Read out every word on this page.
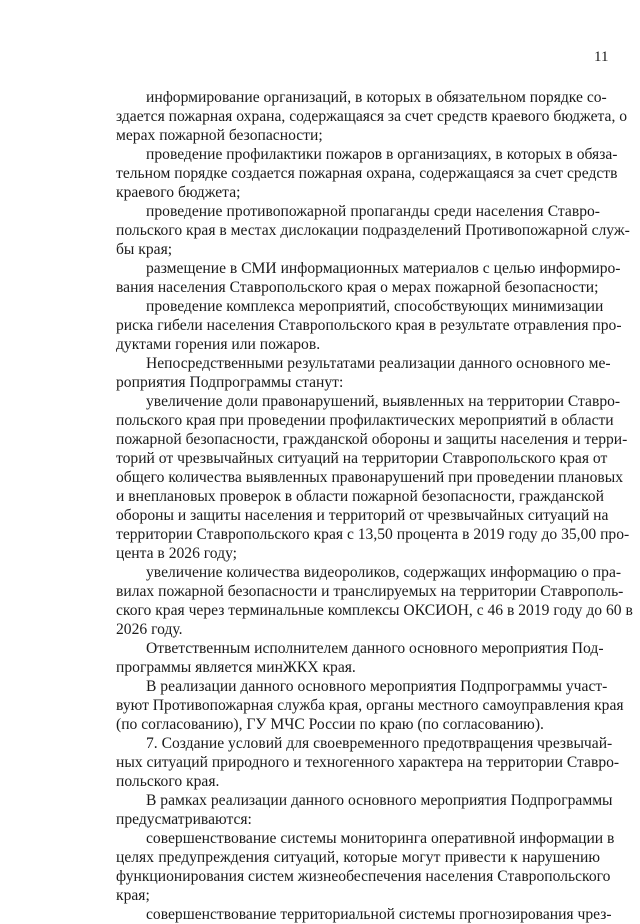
11
информирование организаций, в которых в обязательном порядке со-
здается пожарная охрана, содержащаяся за счет средств краевого бюджета, о
мерах пожарной безопасности;
проведение профилактики пожаров в организациях, в которых в обяза-
тельном порядке создается пожарная охрана, содержащаяся за счет средств
краевого бюджета;
проведение противопожарной пропаганды среди населения Ставро-
польского края в местах дислокации подразделений Противопожарной служ-
бы края;
размещение в СМИ информационных материалов с целью информиро-
вания населения Ставропольского края о мерах пожарной безопасности;
проведение комплекса мероприятий, способствующих минимизации
риска гибели населения Ставропольского края в результате отравления про-
дуктами горения или пожаров.
Непосредственными результатами реализации данного основного ме-
роприятия Подпрограммы станут:
увеличение доли правонарушений, выявленных на территории Ставро-
польского края при проведении профилактических мероприятий в области
пожарной безопасности, гражданской обороны и защиты населения и терри-
торий от чрезвычайных ситуаций на территории Ставропольского края от
общего количества выявленных правонарушений при проведении плановых
и внеплановых проверок в области пожарной безопасности, гражданской
обороны и защиты населения и территорий от чрезвычайных ситуаций на
территории Ставропольского края с 13,50 процента в 2019 году до 35,00 про-
цента в 2026 году;
увеличение количества видеороликов, содержащих информацию о пра-
вилах пожарной безопасности и транслируемых на территории Ставрополь-
ского края через терминальные комплексы ОКСИОН, с 46 в 2019 году до 60 в
2026 году.
Ответственным исполнителем данного основного мероприятия Под-
программы является минЖКХ края.
В реализации данного основного мероприятия Подпрограммы участ-
вуют Противопожарная служба края, органы местного самоуправления края
(по согласованию), ГУ МЧС России по краю (по согласованию).
7. Создание условий для своевременного предотвращения чрезвычай-
ных ситуаций природного и техногенного характера на территории Ставро-
польского края.
В рамках реализации данного основного мероприятия Подпрограммы
предусматриваются:
совершенствование системы мониторинга оперативной информации в
целях предупреждения ситуаций, которые могут привести к нарушению
функционирования систем жизнеобеспечения населения Ставропольского
края;
совершенствование территориальной системы прогнозирования чрез-
